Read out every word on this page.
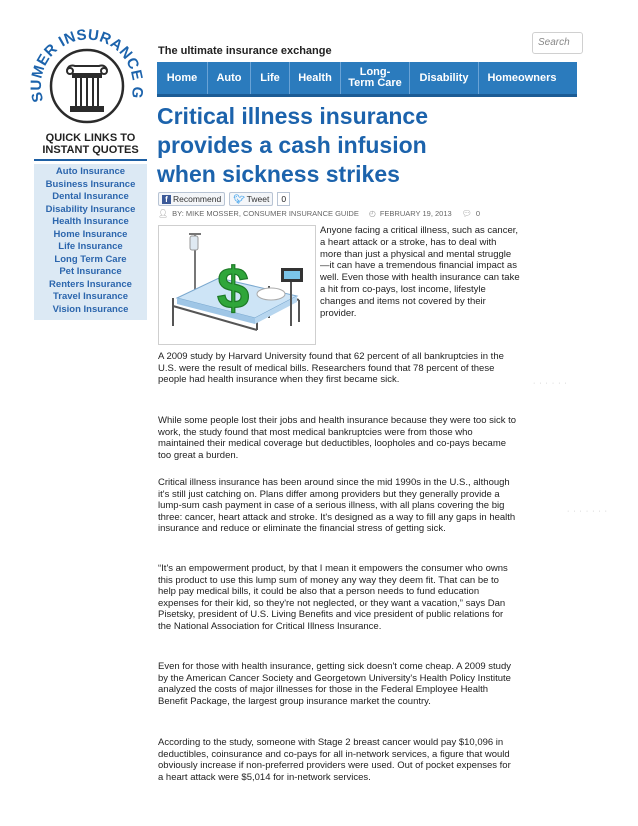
SUMER INSURANCE G
QUICK LINKS TO INSTANT QUOTES
Auto Insurance
Business Insurance
Dental Insurance
Disability Insurance
Health Insurance
Home Insurance
Life Insurance
Long Term Care
Pet Insurance
Renters Insurance
Travel Insurance
Vision Insurance
The ultimate insurance exchange
Search
Home	Auto	Life	Health	Long-Term Care	Disability	Homeowners
Critical illness insurance provides a cash infusion when sickness strikes
f Recommend 🐦︎ Tweet	0
👤︎ BY: MIKE MOSSER, CONSUMER INSURANCE GUIDE ◴ FEBRUARY 19, 2013 💬︎ 0
$

Anyone facing a critical illness, such as cancer, a heart attack or a stroke, has to deal with more than just a physical and mental struggle—it can have a tremendous financial impact as well. Even those with health insurance can take a hit from co-pays, lost income, lifestyle changes and items not covered by their provider.

A 2009 study by Harvard University found that 62 percent of all bankruptcies in the U.S. were the result of medical bills. Researchers found that 78 percent of these people had health insurance when they first became sick.

While some people lost their jobs and health insurance because they were too sick to work, the study found that most medical bankruptcies were from those who maintained their medical coverage but deductibles, loopholes and co-pays became too great a burden.

Critical illness insurance has been around since the mid 1990s in the U.S., although it's still just catching on. Plans differ among providers but they generally provide a lump-sum cash payment in case of a serious illness, with all plans covering the big three: cancer, heart attack and stroke. It's designed as a way to fill any gaps in health insurance and reduce or eliminate the financial stress of getting sick.

“It's an empowerment product, by that I mean it empowers the consumer who owns this product to use this lump sum of money any way they deem fit. That can be to help pay medical bills, it could be also that a person needs to fund education expenses for their kid, so they're not neglected, or they want a vacation,” says Dan Pisetsky, president of U.S. Living Benefits and vice president of public relations for the National Association for Critical Illness Insurance.

Even for those with health insurance, getting sick doesn't come cheap. A 2009 study by the American Cancer Society and Georgetown University's Health Policy Institute analyzed the costs of major illnesses for those in the Federal Employee Health Benefit Package, the largest group insurance market the country.

According to the study, someone with Stage 2 breast cancer would pay $10,096 in deductibles, coinsurance and co-pays for all in-network services, a figure that would obviously increase if non-preferred providers were used. Out of pocket expenses for a heart attack were $5,014 for in-network services.

· · · · · ·
· · · · · · ·
